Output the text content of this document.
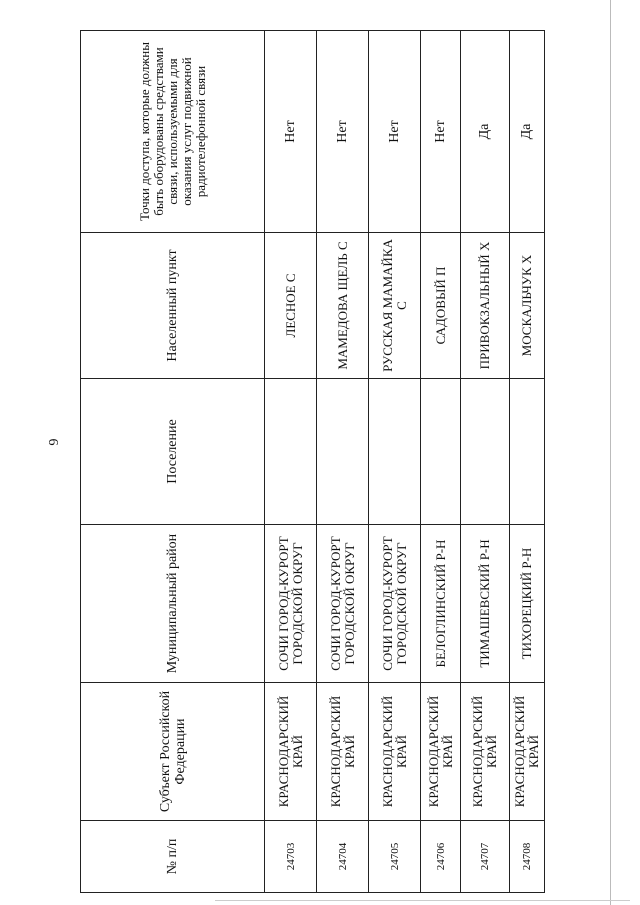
6
№ п/п	Субъект Российской Федерации	Муниципальный район	Поселение	Населенный пункт	Точки доступа, которые должны быть оборудованы средствами связи, используемыми для оказания услуг подвижной радиотелефонной связи
24703	КРАСНОДАРСКИЙ КРАЙ	СОЧИ ГОРОД-КУРОРТ ГОРОДСКОЙ ОКРУГ		ЛЕСНОЕ С	Нет
24704	КРАСНОДАРСКИЙ КРАЙ	СОЧИ ГОРОД-КУРОРТ ГОРОДСКОЙ ОКРУГ		МАМЕДОВА ЩЕЛЬ С	Нет
24705	КРАСНОДАРСКИЙ КРАЙ	СОЧИ ГОРОД-КУРОРТ ГОРОДСКОЙ ОКРУГ		РУССКАЯ МАМАЙКА С	Нет
24706	КРАСНОДАРСКИЙ КРАЙ	БЕЛОГЛИНСКИЙ Р-Н		САДОВЫЙ П	Нет
24707	КРАСНОДАРСКИЙ КРАЙ	ТИМАШЕВСКИЙ Р-Н		ПРИВОКЗАЛЬНЫЙ Х	Да
24708	КРАСНОДАРСКИЙ КРАЙ	ТИХОРЕЦКИЙ Р-Н		МОСКАЛЬЧУК Х	Да
